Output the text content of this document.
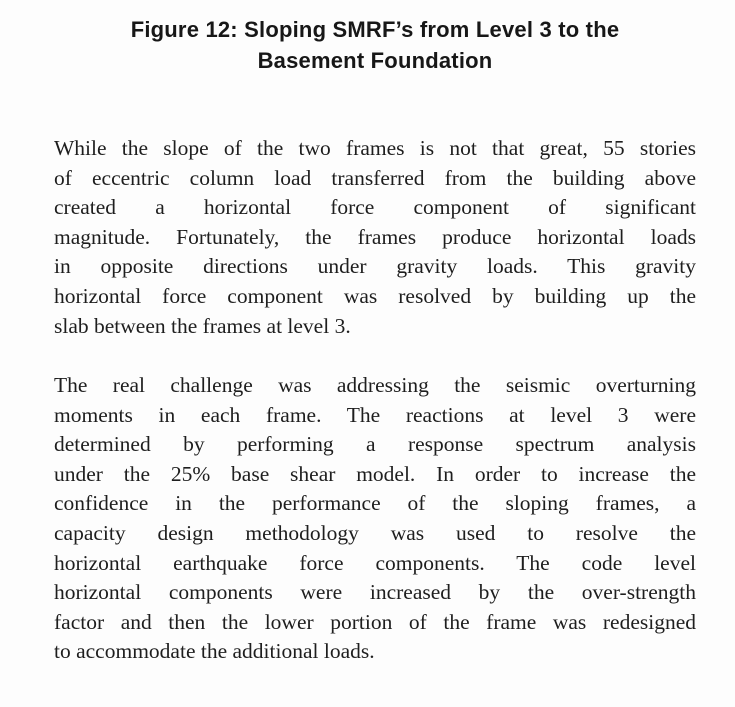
Figure 12: Sloping SMRF’s from Level 3 to the
Basement Foundation
While the slope of the two frames is not that great, 55 stories
of eccentric column load transferred from the building above
created a horizontal force component of significant
magnitude. Fortunately, the frames produce horizontal loads
in opposite directions under gravity loads. This gravity
horizontal force component was resolved by building up the
slab between the frames at level 3.
The real challenge was addressing the seismic overturning
moments in each frame. The reactions at level 3 were
determined by performing a response spectrum analysis
under the 25% base shear model. In order to increase the
confidence in the performance of the sloping frames, a
capacity design methodology was used to resolve the
horizontal earthquake force components. The code level
horizontal components were increased by the over-strength
factor and then the lower portion of the frame was redesigned
to accommodate the additional loads.
